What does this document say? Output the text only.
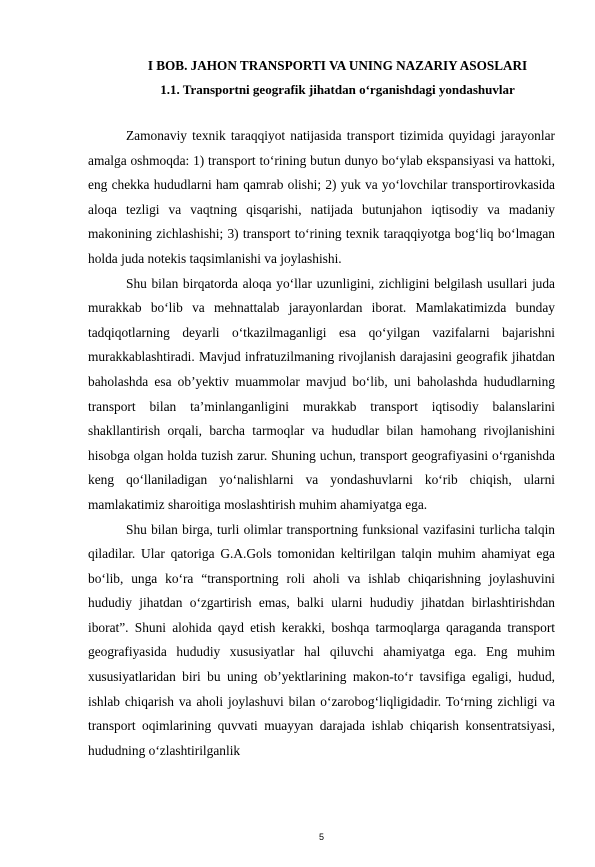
I BOB. JAHON TRANSPORTI VA UNING NAZARIY ASOSLARI
1.1. Transportni geografik jihatdan o‘rganishdagi yondashuvlar

Zamonaviy texnik taraqqiyot natijasida transport tizimida quyidagi jarayonlar amalga oshmoqda: 1) transport to‘rining butun dunyo bo‘ylab ekspansiyasi va hattoki, eng chekka hududlarni ham qamrab olishi; 2) yuk va yo‘lovchilar transportirovkasida aloqa tezligi va vaqtning qisqarishi, natijada butunjahon iqtisodiy va madaniy makonining zichlashishi; 3) transport to‘rining texnik taraqqiyotga bog‘liq bo‘lmagan holda juda notekis taqsimlanishi va joylashishi.

Shu bilan birqatorda aloqa yo‘llar uzunligini, zichligini belgilash usullari juda murakkab bo‘lib va mehnattalab jarayonlardan iborat. Mamlakatimizda bunday tadqiqotlarning deyarli o‘tkazilmaganligi esa qo‘yilgan vazifalarni bajarishni murakkablashtiradi. Mavjud infratuzilmaning rivojlanish darajasini geografik jihatdan baholashda esa ob’yektiv muammolar mavjud bo‘lib, uni baholashda hududlarning transport bilan ta’minlanganligini murakkab transport iqtisodiy balanslarini shakllantirish orqali, barcha tarmoqlar va hududlar bilan hamohang rivojlanishini hisobga olgan holda tuzish zarur. Shuning uchun, transport geografiyasini o‘rganishda keng qo‘llaniladigan yo‘nalishlarni va yondashuvlarni ko‘rib chiqish, ularni mamlakatimiz sharoitiga moslashtirish muhim ahamiyatga ega.

Shu bilan birga, turli olimlar transportning funksional vazifasini turlicha talqin qiladilar. Ular qatoriga G.A.Gols tomonidan keltirilgan talqin muhim ahamiyat ega bo‘lib, unga ko‘ra “transportning roli aholi va ishlab chiqarishning joylashuvini hududiy jihatdan o‘zgartirish emas, balki ularni hududiy jihatdan birlashtirishdan iborat”. Shuni alohida qayd etish kerakki, boshqa tarmoqlarga qaraganda transport geografiyasida hududiy xususiyatlar hal qiluvchi ahamiyatga ega. Eng muhim xususiyatlaridan biri bu uning ob’yektlarining makon-to‘r tavsifiga egaligi, hudud, ishlab chiqarish va aholi joylashuvi bilan o‘zarobog‘liqligidadir. To‘rning zichligi va transport oqimlarining quvvati muayyan darajada ishlab chiqarish konsentratsiyasi, hududning o‘zlashtirilganlik

5
